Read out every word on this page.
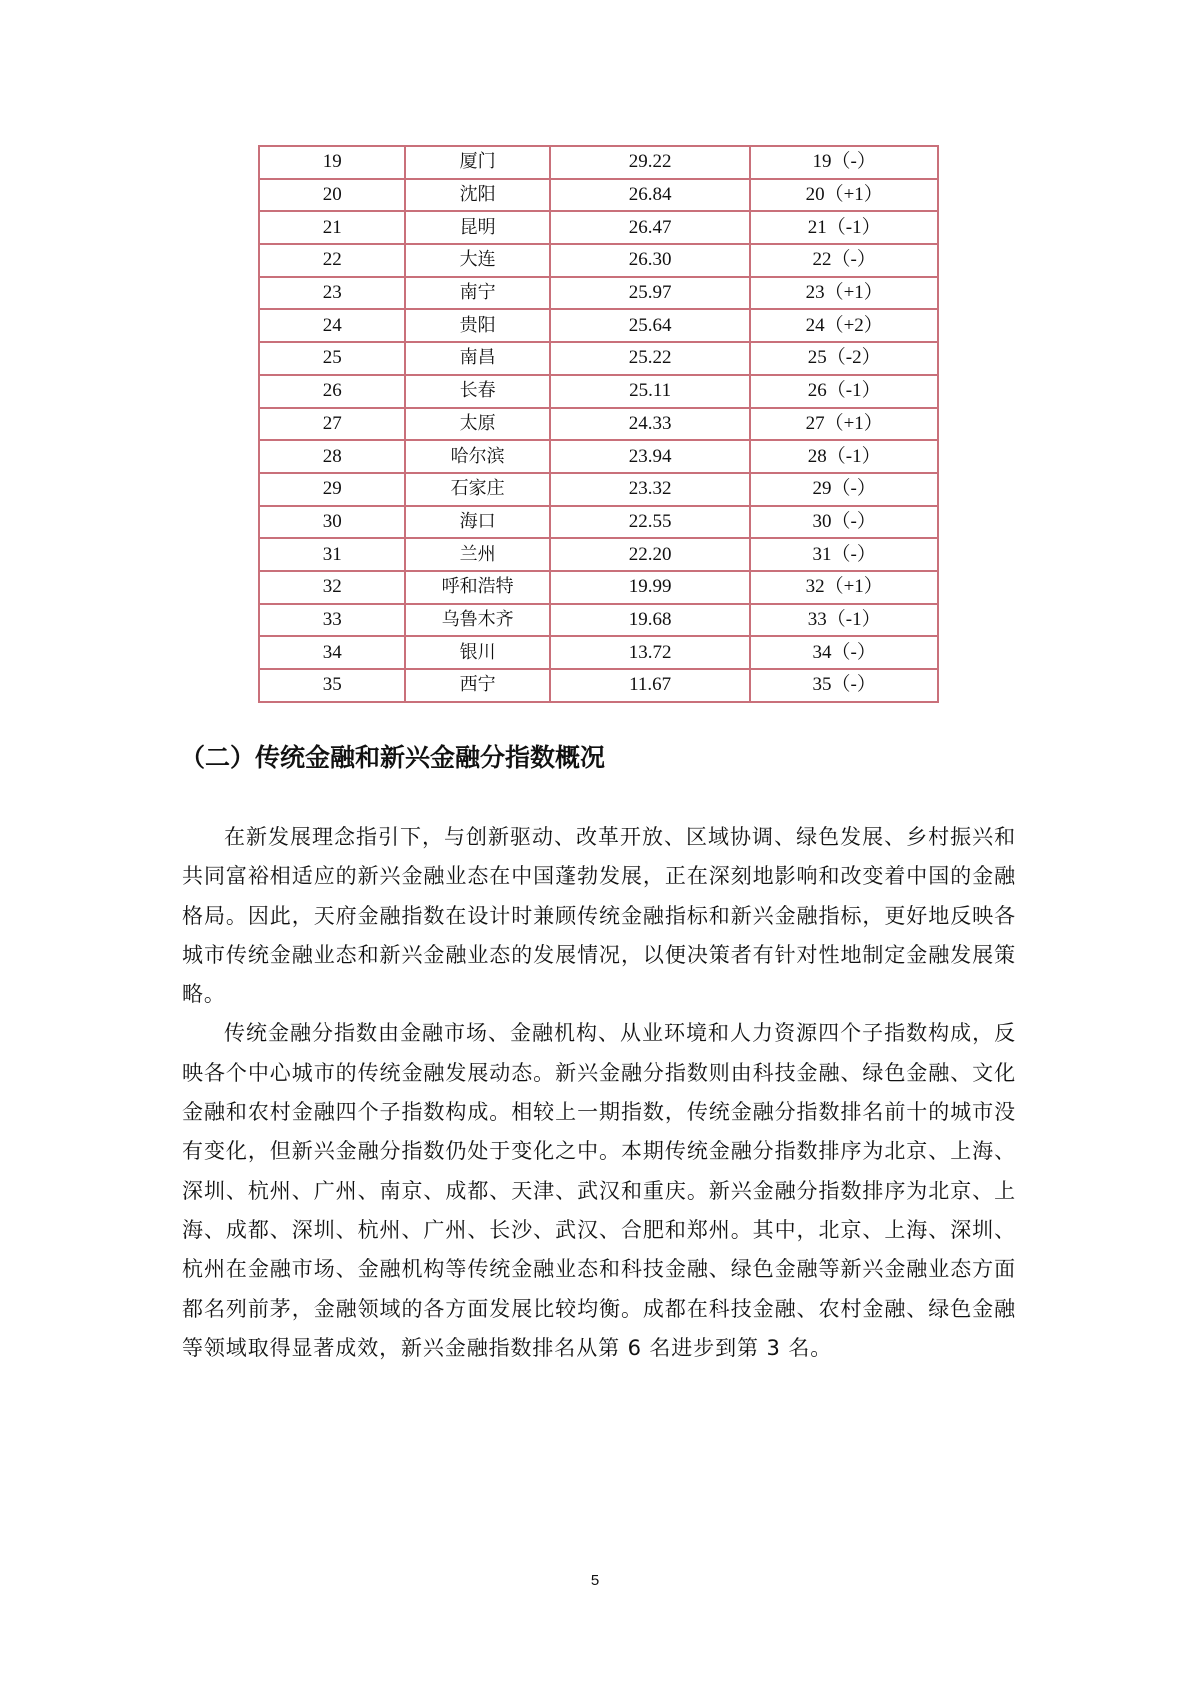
19	厦门	29.22	19（-）
20	沈阳	26.84	20（+1）
21	昆明	26.47	21（-1）
22	大连	26.30	22（-）
23	南宁	25.97	23（+1）
24	贵阳	25.64	24（+2）
25	南昌	25.22	25（-2）
26	长春	25.11	26（-1）
27	太原	24.33	27（+1）
28	哈尔滨	23.94	28（-1）
29	石家庄	23.32	29（-）
30	海口	22.55	30（-）
31	兰州	22.20	31（-）
32	呼和浩特	19.99	32（+1）
33	乌鲁木齐	19.68	33（-1）
34	银川	13.72	34（-）
35	西宁	11.67	35（-）
（二）传统金融和新兴金融分指数概况

在新发展理念指引下，与创新驱动、改革开放、区域协调、绿色发展、乡村振兴和共同富裕相适应的新兴金融业态在中国蓬勃发展，正在深刻地影响和改变着中国的金融格局。因此，天府金融指数在设计时兼顾传统金融指标和新兴金融指标，更好地反映各城市传统金融业态和新兴金融业态的发展情况，以便决策者有针对性地制定金融发展策略。

传统金融分指数由金融市场、金融机构、从业环境和人力资源四个子指数构成，反映各个中心城市的传统金融发展动态。新兴金融分指数则由科技金融、绿色金融、文化金融和农村金融四个子指数构成。相较上一期指数，传统金融分指数排名前十的城市没有变化，但新兴金融分指数仍处于变化之中。本期传统金融分指数排序为北京、上海、深圳、杭州、广州、南京、成都、天津、武汉和重庆。新兴金融分指数排序为北京、上海、成都、深圳、杭州、广州、长沙、武汉、合肥和郑州。其中，北京、上海、深圳、杭州在金融市场、金融机构等传统金融业态和科技金融、绿色金融等新兴金融业态方面都名列前茅，金融领域的各方面发展比较均衡。成都在科技金融、农村金融、绿色金融等领域取得显著成效，新兴金融指数排名从第 6 名进步到第 3 名。

5
